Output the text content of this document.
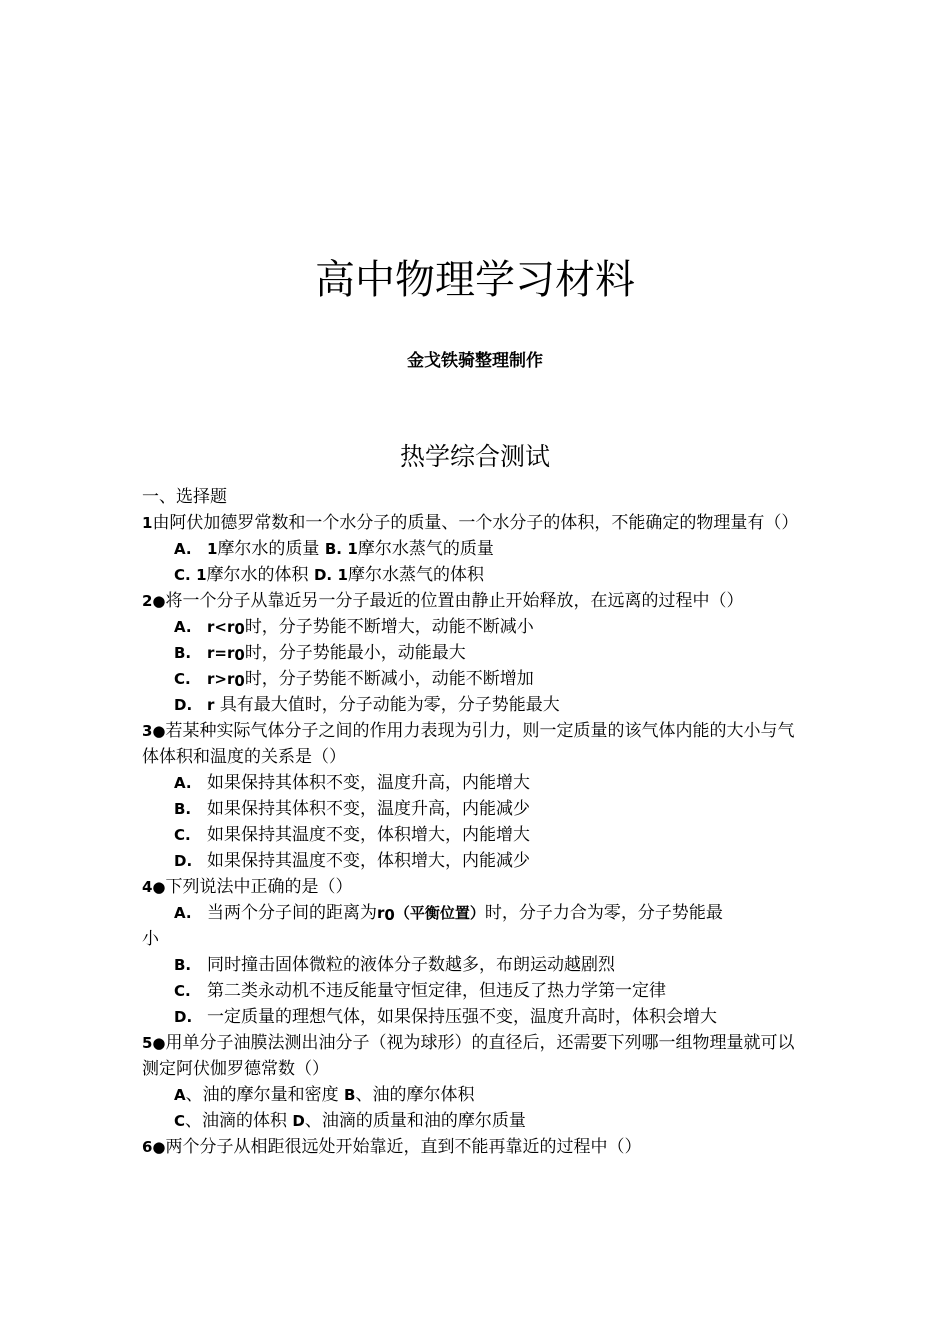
高中物理学习材料
金戈铁骑整理制作
热学综合测试
一、选择题
1由阿伏加德罗常数和一个水分子的质量、一个水分子的体积，不能确定的物理量有（）
A. 1摩尔水的质量 B. 1摩尔水蒸气的质量
C. 1摩尔水的体积 D. 1摩尔水蒸气的体积
2●将一个分子从靠近另一分子最近的位置由静止开始释放，在远离的过程中（）
A. $r<r_0$时，分子势能不断增大，动能不断减小
B. $r=r_0$时，分子势能最小，动能最大
C. $r>r_0$时，分子势能不断减小，动能不断增加
D. r 具有最大值时，分子动能为零，分子势能最大
3●若某种实际气体分子之间的作用力表现为引力，则一定质量的该气体内能的大小与气体体积和温度的关系是（）
A. 如果保持其体积不变，温度升高，内能增大
B. 如果保持其体积不变，温度升高，内能减少
C. 如果保持其温度不变，体积增大，内能增大
D. 如果保持其温度不变，体积增大，内能减少
4●下列说法中正确的是（）
A. 当两个分子间的距离为$r_0$（平衡位置）时，分子力合为零，分子势能最
小
B. 同时撞击固体微粒的液体分子数越多，布朗运动越剧烈
C. 第二类永动机不违反能量守恒定律，但违反了热力学第一定律
D. 一定质量的理想气体，如果保持压强不变，温度升高时，体积会增大
5●用单分子油膜法测出油分子（视为球形）的直径后，还需要下列哪一组物理量就可以测定阿伏伽罗德常数（）
A、油的摩尔量和密度 B、油的摩尔体积
C、油滴的体积 D、油滴的质量和油的摩尔质量
6●两个分子从相距很远处开始靠近，直到不能再靠近的过程中（）
